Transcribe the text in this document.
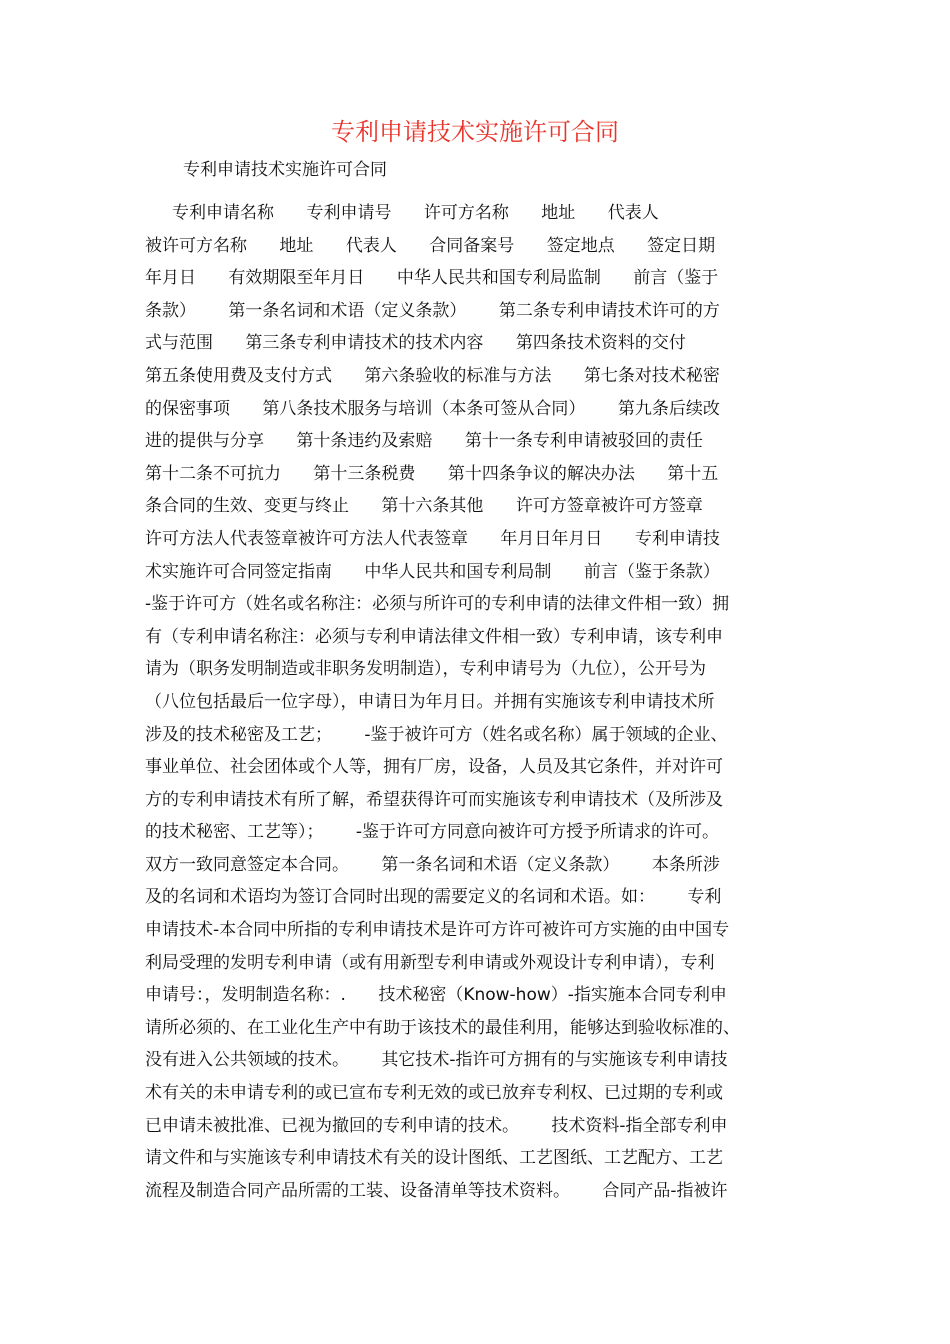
专利申请技术实施许可合同
专利申请技术实施许可合同
专利申请名称      专利申请号      许可方名称      地址      代表人
被许可方名称      地址      代表人      合同备案号      签定地点      签定日期
年月日      有效期限至年月日      中华人民共和国专利局监制      前言（鉴于
条款）      第一条名词和术语（定义条款）      第二条专利申请技术许可的方
式与范围      第三条专利申请技术的技术内容      第四条技术资料的交付
第五条使用费及支付方式      第六条验收的标准与方法      第七条对技术秘密
的保密事项      第八条技术服务与培训（本条可签从合同）      第九条后续改
进的提供与分享      第十条违约及索赔      第十一条专利申请被驳回的责任
第十二条不可抗力      第十三条税费      第十四条争议的解决办法      第十五
条合同的生效、变更与终止      第十六条其他      许可方签章被许可方签章
许可方法人代表签章被许可方法人代表签章      年月日年月日      专利申请技
术实施许可合同签定指南      中华人民共和国专利局制      前言（鉴于条款）
-鉴于许可方（姓名或名称注：必须与所许可的专利申请的法律文件相一致）拥
有（专利申请名称注：必须与专利申请法律文件相一致）专利申请，该专利申
请为（职务发明制造或非职务发明制造），专利申请号为（九位），公开号为
（八位包括最后一位字母），申请日为年月日。并拥有实施该专利申请技术所
涉及的技术秘密及工艺；      -鉴于被许可方（姓名或名称）属于领域的企业、
事业单位、社会团体或个人等，拥有厂房，设备，人员及其它条件，并对许可
方的专利申请技术有所了解，希望获得许可而实施该专利申请技术（及所涉及
的技术秘密、工艺等）；      -鉴于许可方同意向被许可方授予所请求的许可。
双方一致同意签定本合同。      第一条名词和术语（定义条款）      本条所涉
及的名词和术语均为签订合同时出现的需要定义的名词和术语。如：      专利
申请技术-本合同中所指的专利申请技术是许可方许可被许可方实施的由中国专
利局受理的发明专利申请（或有用新型专利申请或外观设计专利申请），专利
申请号：，发明制造名称：.      技术秘密（Know-how）-指实施本合同专利申
请所必须的、在工业化生产中有助于该技术的最佳利用，能够达到验收标准的、
没有进入公共领域的技术。      其它技术-指许可方拥有的与实施该专利申请技
术有关的未申请专利的或已宣布专利无效的或已放弃专利权、已过期的专利或
已申请未被批准、已视为撤回的专利申请的技术。      技术资料-指全部专利申
请文件和与实施该专利申请技术有关的设计图纸、工艺图纸、工艺配方、工艺
流程及制造合同产品所需的工装、设备清单等技术资料。      合同产品-指被许
